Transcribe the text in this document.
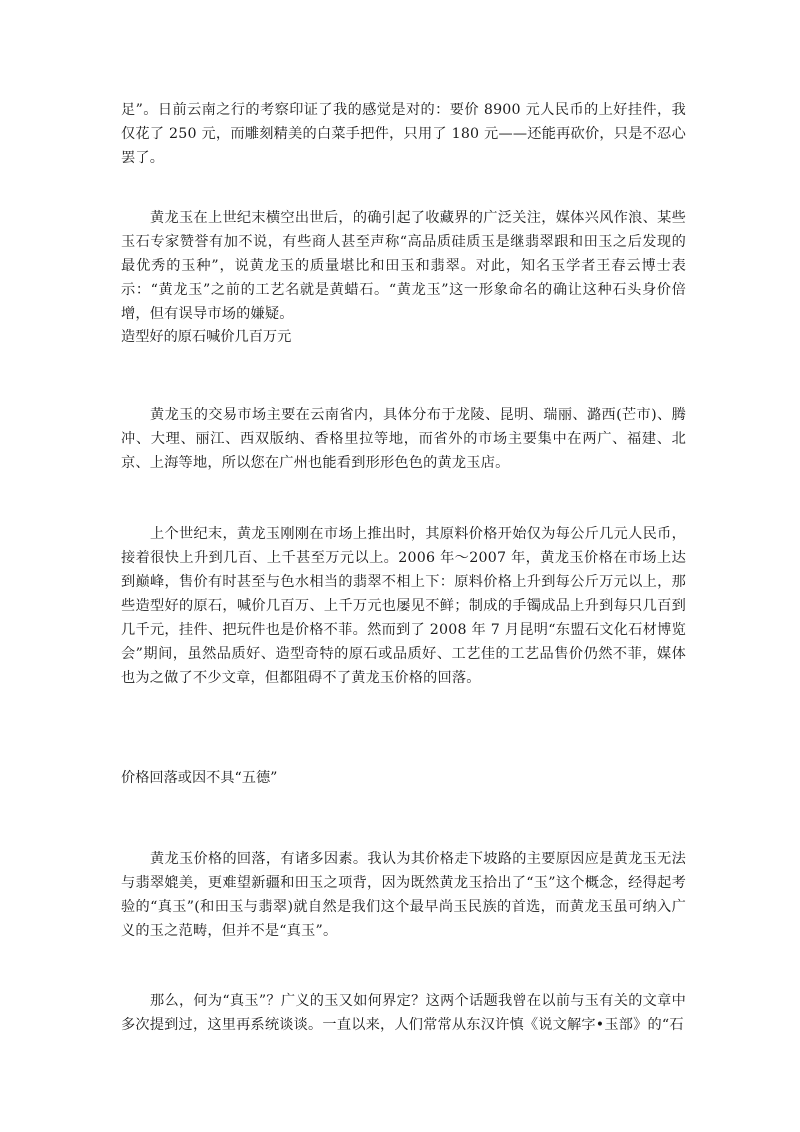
足”。日前云南之行的考察印证了我的感觉是对的：要价 8900 元人民币的上好挂件，我仅花了 250 元，而雕刻精美的白菜手把件，只用了 180 元——还能再砍价，只是不忍心罢了。

黄龙玉在上世纪末横空出世后，的确引起了收藏界的广泛关注，媒体兴风作浪、某些玉石专家赞誉有加不说，有些商人甚至声称“高品质硅质玉是继翡翠跟和田玉之后发现的最优秀的玉种”，说黄龙玉的质量堪比和田玉和翡翠。对此，知名玉学者王春云博士表示：“黄龙玉”之前的工艺名就是黄蜡石。“黄龙玉”这一形象命名的确让这种石头身价倍增，但有误导市场的嫌疑。

造型好的原石喊价几百万元

黄龙玉的交易市场主要在云南省内，具体分布于龙陵、昆明、瑞丽、潞西(芒市)、腾冲、大理、丽江、西双版纳、香格里拉等地，而省外的市场主要集中在两广、福建、北京、上海等地，所以您在广州也能看到形形色色的黄龙玉店。

上个世纪末，黄龙玉刚刚在市场上推出时，其原料价格开始仅为每公斤几元人民币，接着很快上升到几百、上千甚至万元以上。2006 年～2007 年，黄龙玉价格在市场上达到巅峰，售价有时甚至与色水相当的翡翠不相上下：原料价格上升到每公斤万元以上，那些造型好的原石，喊价几百万、上千万元也屡见不鲜；制成的手镯成品上升到每只几百到几千元，挂件、把玩件也是价格不菲。然而到了 2008 年 7 月昆明“东盟石文化石材博览会”期间，虽然品质好、造型奇特的原石或品质好、工艺佳的工艺品售价仍然不菲，媒体也为之做了不少文章，但都阻碍不了黄龙玉价格的回落。

价格回落或因不具“五德”

黄龙玉价格的回落，有诸多因素。我认为其价格走下坡路的主要原因应是黄龙玉无法与翡翠媲美，更难望新疆和田玉之项背，因为既然黄龙玉拾出了“玉”这个概念，经得起考验的“真玉”(和田玉与翡翠)就自然是我们这个最早尚玉民族的首选，而黄龙玉虽可纳入广义的玉之范畴，但并不是“真玉”。

那么，何为“真玉”？广义的玉又如何界定？这两个话题我曾在以前与玉有关的文章中多次提到过，这里再系统谈谈。一直以来，人们常常从东汉许慎《说文解字•玉部》的“石
